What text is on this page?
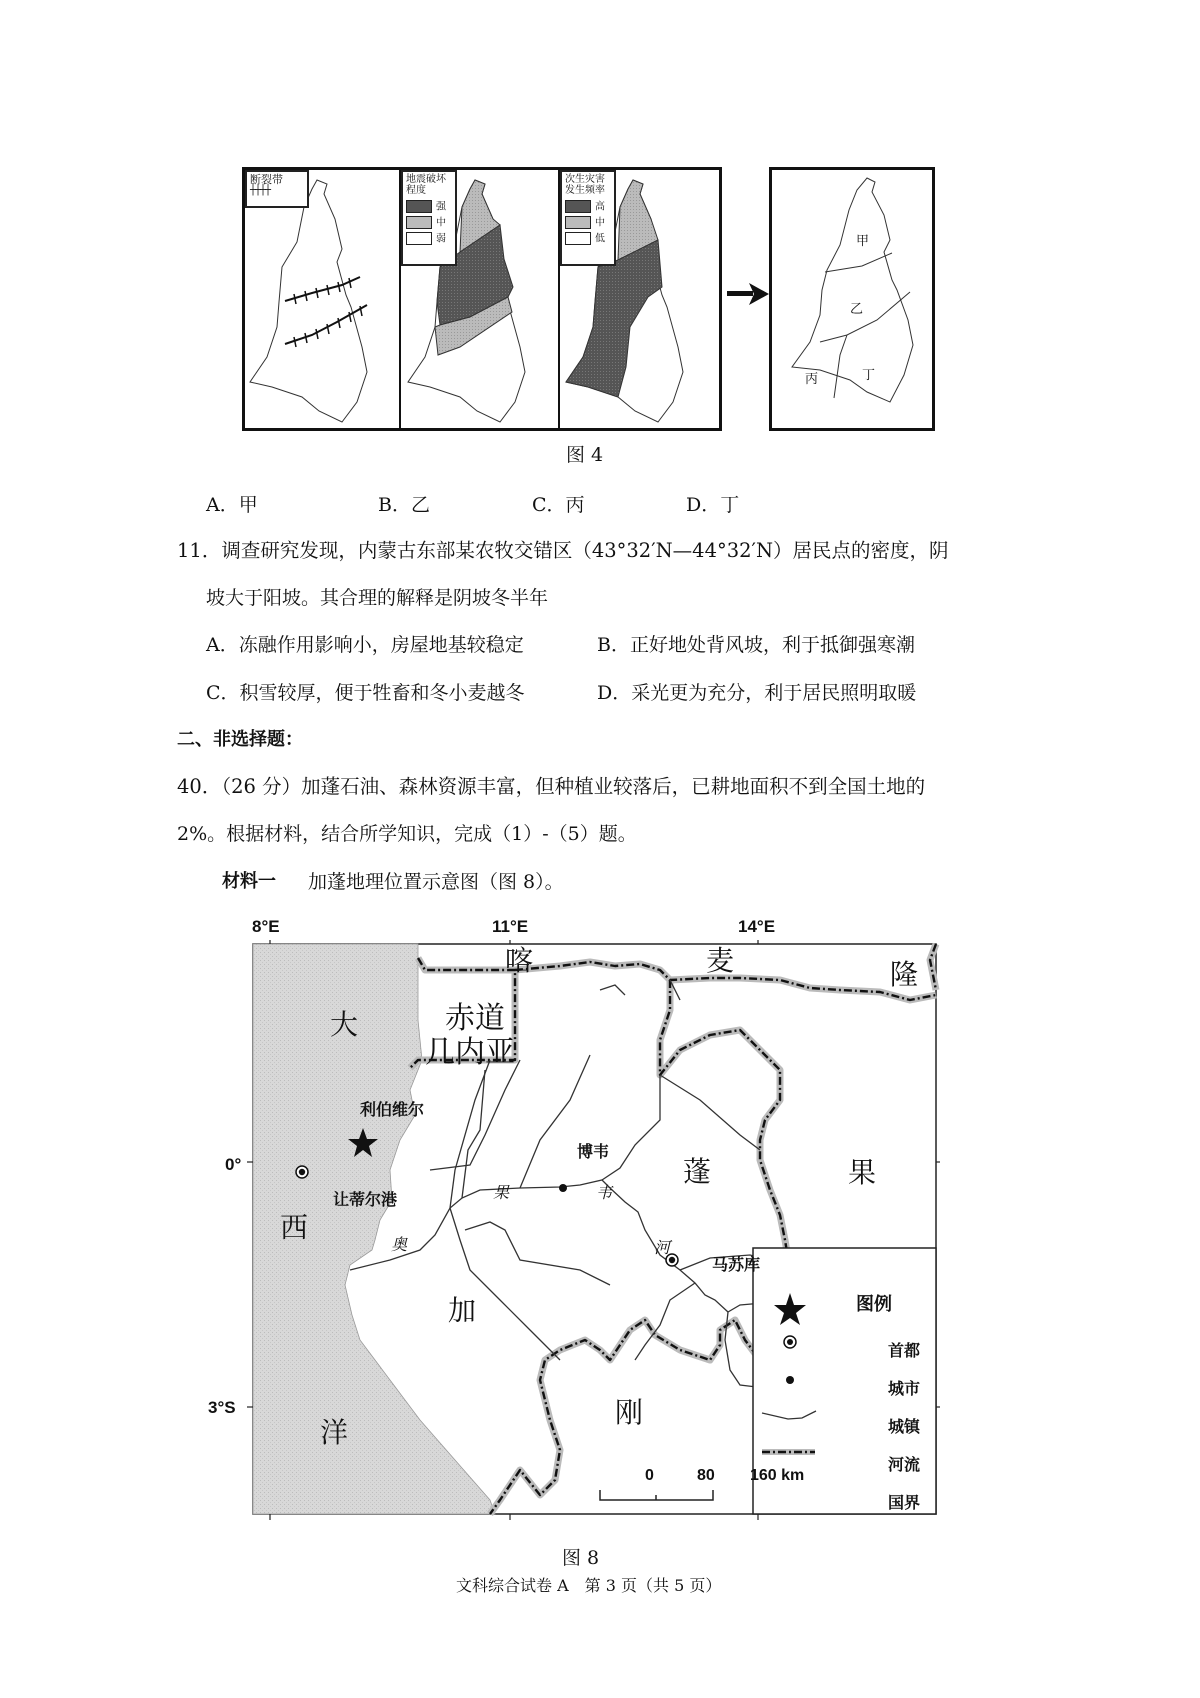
断裂带
┼┼┼┼
地震破坏程度
强
中
弱
次生灾害发生频率
高
中
低	甲
乙
丙	丁
图 4
A．甲	B．乙	C．丙	D．丁
11．调查研究发现，内蒙古东部某农牧交错区（43°32′N—44°32′N）居民点的密度，阴
坡大于阳坡。其合理的解释是阴坡冬半年
A．冻融作用影响小，房屋地基较稳定	B．正好地处背风坡，利于抵御强寒潮
C．积雪较厚，便于牲畜和冬小麦越冬	D．采光更为充分，利于居民照明取暖
二、非选择题：
40．（26 分）加蓬石油、森林资源丰富，但种植业较落后，已耕地面积不到全国土地的
2%。根据材料，结合所学知识，完成（1）-（5）题。
材料一 加蓬地理位置示意图（图 8）。
8°E	11°E	14°E
0°
3°S
大
西
洋
赤道
几内亚
喀	麦	隆
加
蓬
刚
果
奥
果	韦
河
利伯维尔
让蒂尔港
博韦
马苏库
0	80 160 km
图例
首都
城市
城镇
河流
国界
图 8
文科综合试卷 A　第 3 页（共 5 页）
